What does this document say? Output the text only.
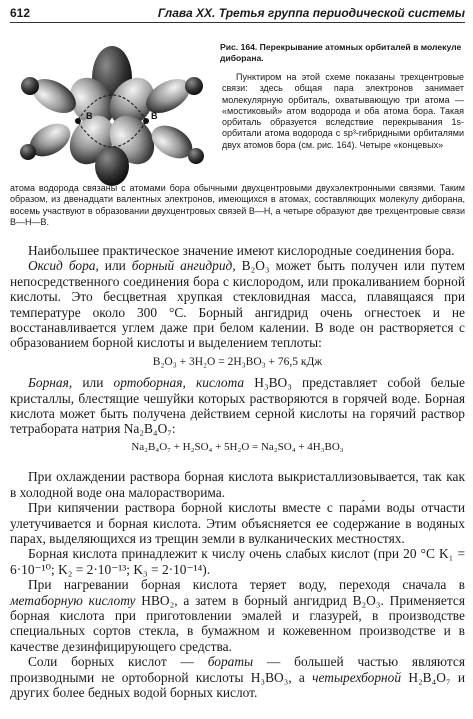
612	Глава XX. Третья группа периодической системы
B	B

Рис. 164. Перекрывание атомных орбиталей в молекуле диборана.

Пунктиром на этой схеме показаны трехцентровые связи: здесь общая пара электронов занимает молекулярную орбиталь, охватывающую три атома — «мостиковый» атом водорода и оба атома бора. Такая орбиталь образуется вследствие перекрывания 1s-орбитали атома водорода с sp³-гибридными орбиталями двух атомов бора (см. рис. 164). Четыре «концевых»

атома водорода связаны с атомами бора обычными двухцентровыми двухэлектронными связями. Таким образом, из двенадцати валентных электронов, имеющихся в атомах, составляющих молекулу диборана, восемь участвуют в образовании двухцентровых связей В—Н, а четыре образуют две трехцентровые связи В—Н—В.

Наибольшее практическое значение имеют кислородные соединения бора.

Оксид бора, или борный ангидрид, B₂O₃ может быть получен или путем непосредственного соединения бора с кислородом, или прокаливанием борной кислоты. Это бесцветная хрупкая стекловидная масса, плавящаяся при температуре около 300 °С. Борный ангидрид очень огнестоек и не восстанавливается углем даже при белом калении. В воде он растворяется с образованием борной кислоты и выделением теплоты:

B₂O₃ + 3H₂O = 2H₃BO₃ + 76,5 кДж

Борная, или ортоборная, кислота H₃BO₃ представляет собой белые кристаллы, блестящие чешуйки которых растворяются в горячей воде. Борная кислота может быть получена действием серной кислоты на горячий раствор тетрабората натрия Na₂B₄O₇:

Na₂B₄O₇ + H₂SO₄ + 5H₂O = Na₂SO₄ + 4H₃BO₃

При охлаждении раствора борная кислота выкристаллизовывается, так как в холодной воде она малорастворима.

При кипячении раствора борной кислоты вместе с пара́ми воды отчасти улетучивается и борная кислота. Этим объясняется ее содержание в водяных парах, выделяющихся из трещин земли в вулканических местностях.

Борная кислота принадлежит к числу очень слабых кислот (при 20 °С K₁ = 6·10⁻¹⁰; K₂ = 2·10⁻¹³; K₃ = 2·10⁻¹⁴).

При нагревании борная кислота теряет воду, переходя сначала в метаборную кислоту HBO₂, а затем в борный ангидрид B₂O₃. Применяется борная кислота при приготовлении эмалей и глазурей, в производстве специальных сортов стекла, в бумажном и кожевенном производстве и в качестве дезинфицирующего средства.

Соли борных кислот — бораты — большей частью являются производными не ортоборной кислоты H₃BO₃, а четырехборной H₂B₄O₇ и других более бедных водой борных кислот.
